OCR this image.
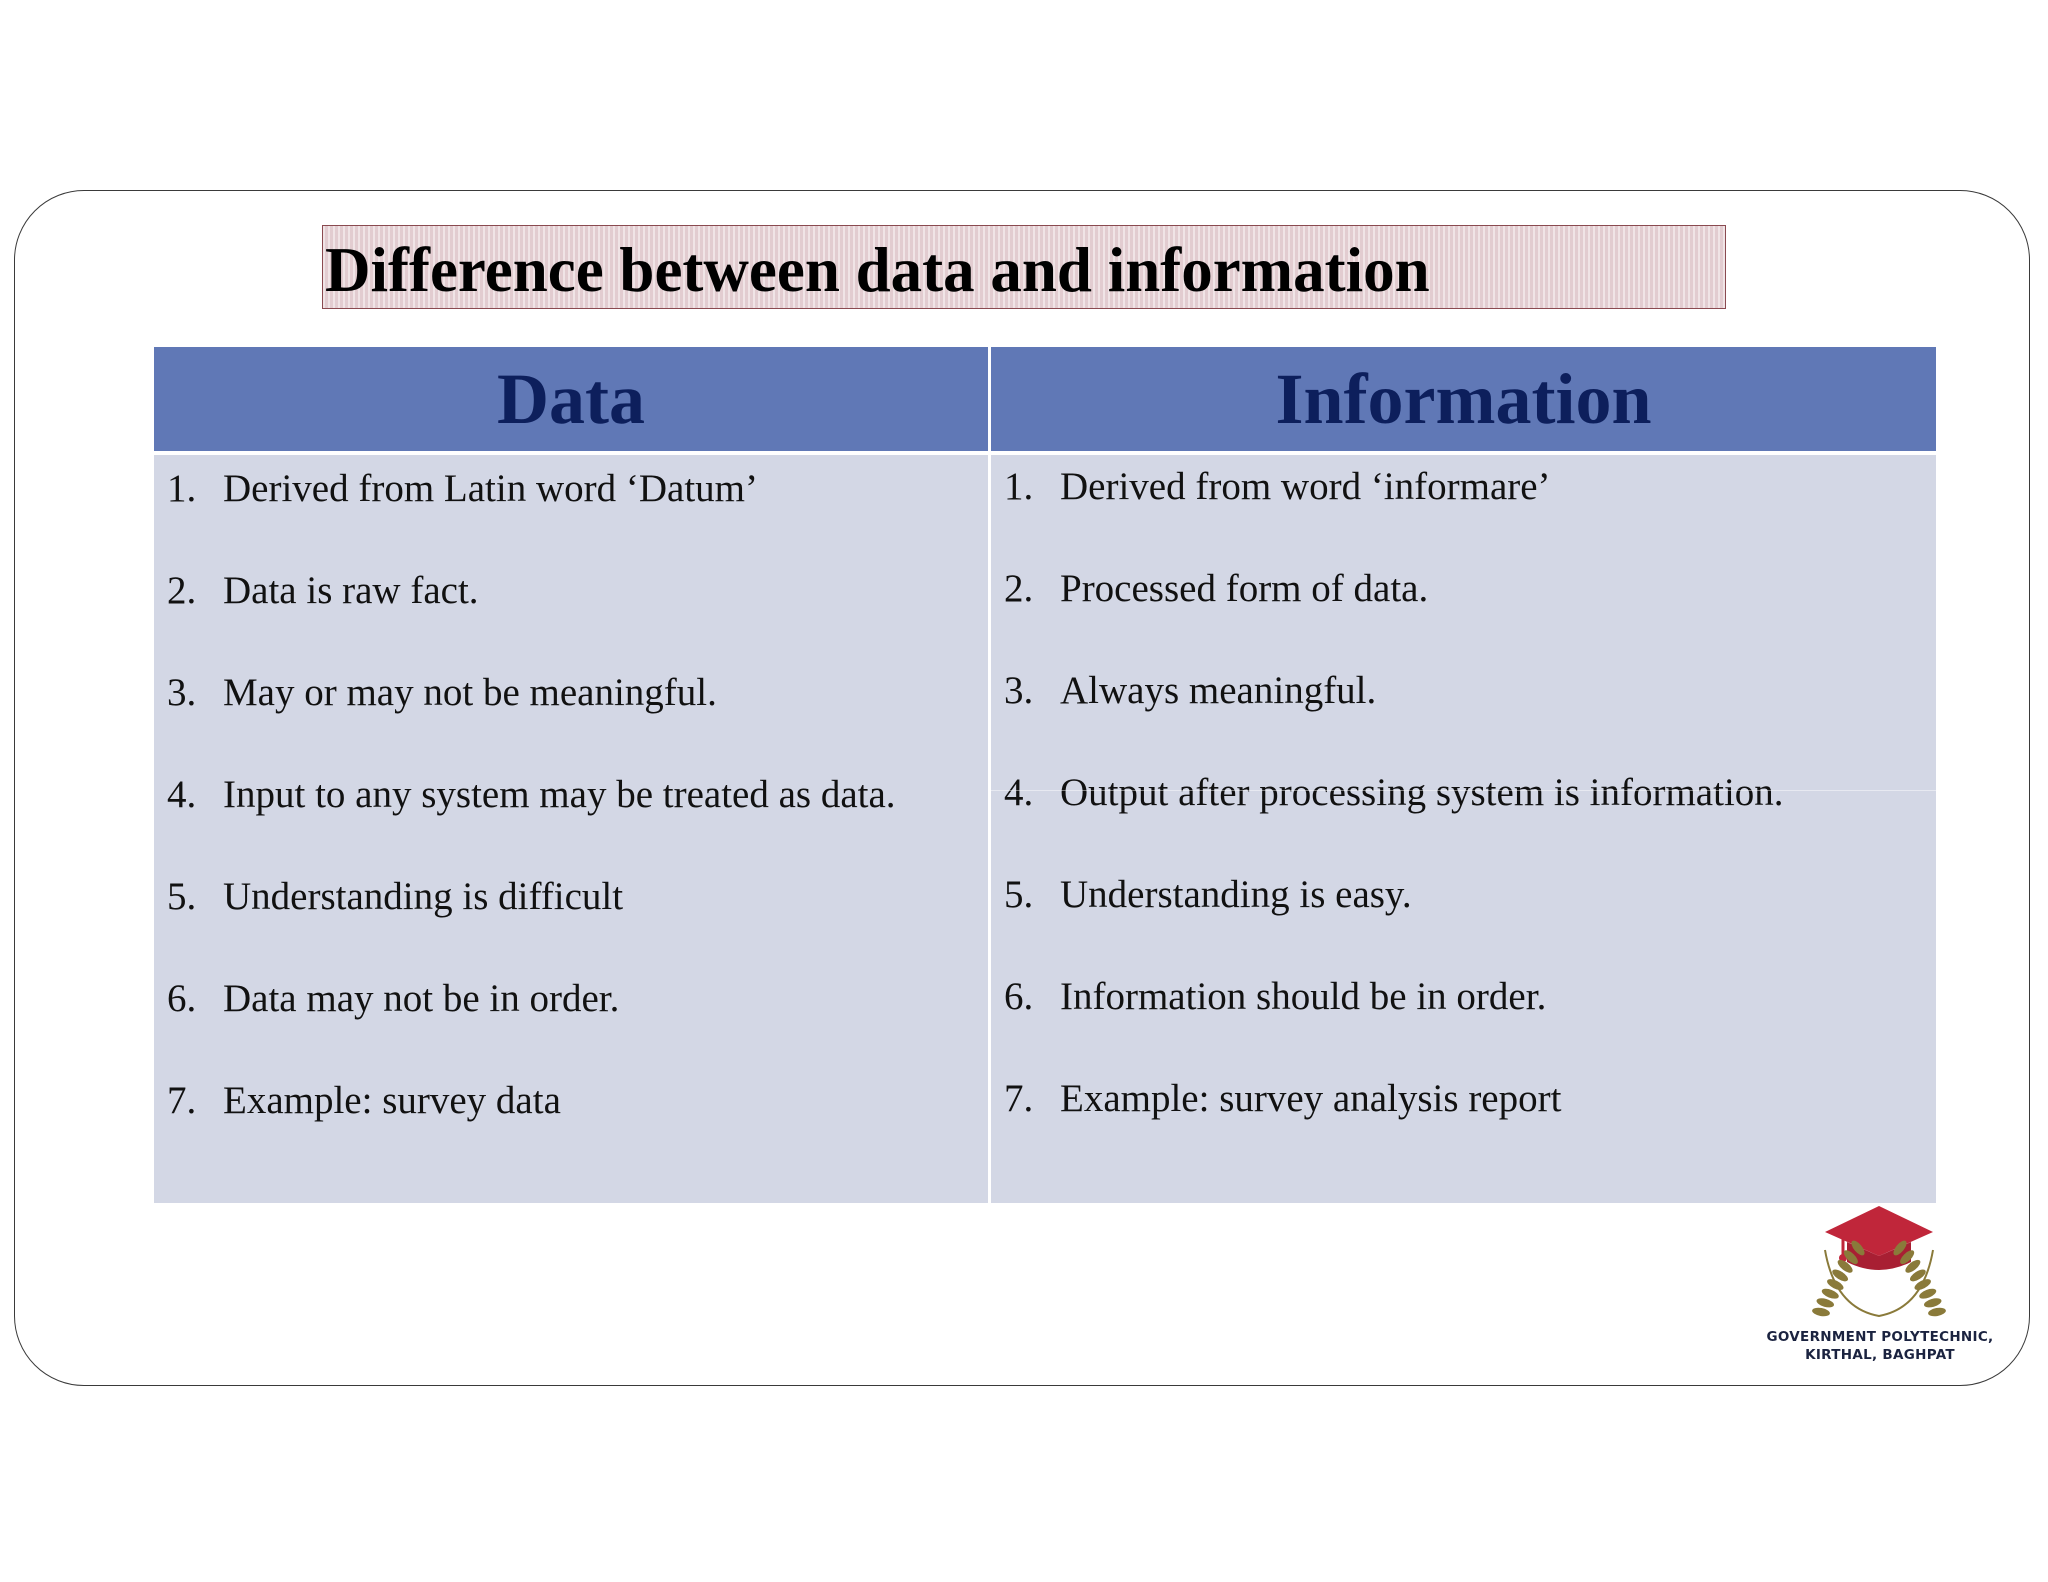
Difference between data and information
Data	Information
1. Derived from Latin word ‘Datum’
2. Data is raw fact.
3. May or may not be meaningful.
4. Input to any system may be treated as data.
5. Understanding is difficult
6. Data may not be in order.
7. Example: survey data
1. Derived from word ‘informare’
2. Processed form of data.
3. Always meaningful.
4. Output after processing system is information.
5. Understanding is easy.
6. Information should be in order.
7. Example: survey analysis report
GOVERNMENT POLYTECHNIC,
KIRTHAL, BAGHPAT
